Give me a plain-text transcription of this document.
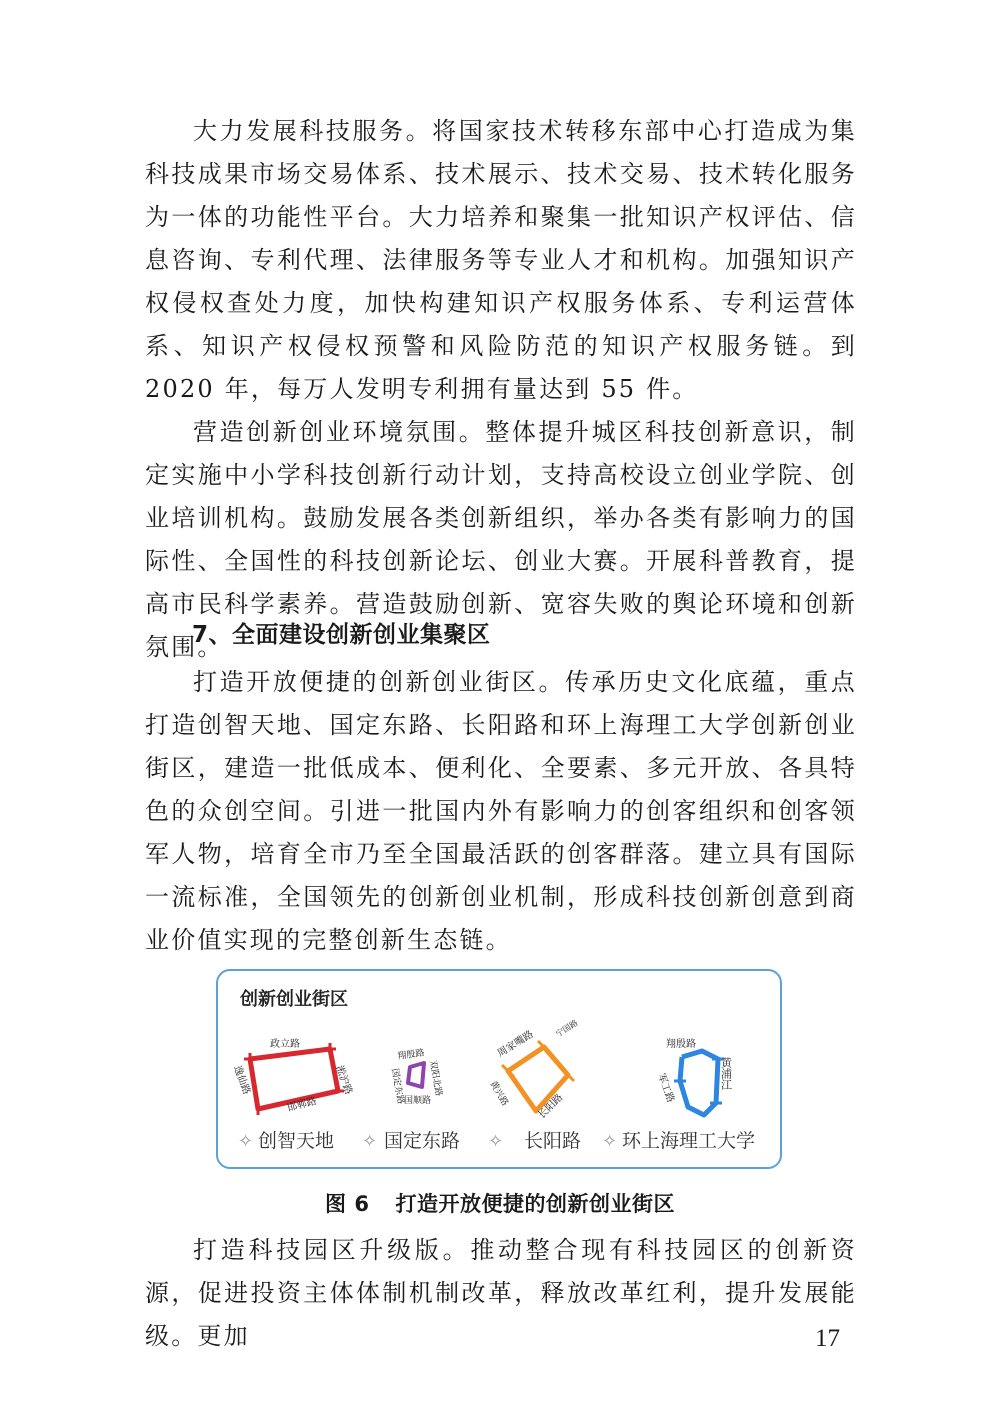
大力发展科技服务。将国家技术转移东部中心打造成为集科技成果市场交易体系、技术展示、技术交易、技术转化服务为一体的功能性平台。大力培养和聚集一批知识产权评估、信息咨询、专利代理、法律服务等专业人才和机构。加强知识产权侵权查处力度，加快构建知识产权服务体系、专利运营体系、知识产权侵权预警和风险防范的知识产权服务链。到 2020 年，每万人发明专利拥有量达到 55 件。

营造创新创业环境氛围。整体提升城区科技创新意识，制定实施中小学科技创新行动计划，支持高校设立创业学院、创业培训机构。鼓励发展各类创新组织，举办各类有影响力的国际性、全国性的科技创新论坛、创业大赛。开展科普教育，提高市民科学素养。营造鼓励创新、宽容失败的舆论环境和创新氛围。

7、全面建设创新创业集聚区

打造开放便捷的创新创业街区。传承历史文化底蕴，重点打造创智天地、国定东路、长阳路和环上海理工大学创新创业街区，建造一批低成本、便利化、全要素、多元开放、各具特色的众创空间。引进一批国内外有影响力的创客组织和创客领军人物，培育全市乃至全国最活跃的创客群落。建立具有国际一流标准，全国领先的创新创业机制，形成科技创新创意到商业价值实现的完整创新生态链。

创新创业街区
政立路
淞沪路
邯郸路
逸仙路
✧ 创智天地
翔殷路
双阳北路
国顺路
国定东路
✧ 国定东路
周家嘴路
宁国路
长阳路
黄兴路
✧ 长阳路
翔殷路
黄浦江
军工路
✧ 环上海理工大学
图 6 打造开放便捷的创新创业街区

打造科技园区升级版。推动整合现有科技园区的创新资源，促进投资主体体制机制改革，释放改革红利，提升发展能级。更加	17
